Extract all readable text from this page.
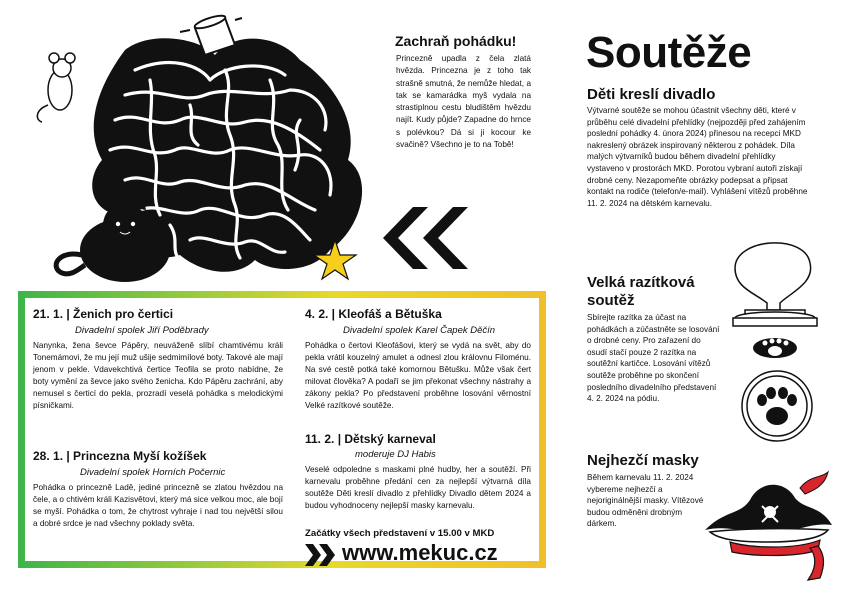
Zachraň pohádku!

Princezně upadla z čela zlatá hvězda. Princezna je z toho tak strašně smutná, že nemůže hledat, a tak se kamarádka myš vydala na strastiplnou cestu bludištěm hvězdu najít. Kudy půjde? Zapadne do hrnce s polévkou? Dá si ji kocour ke svačině? Všechno je to na Tobě!

Soutěže

Děti kreslí divadlo

Výtvarné soutěže se mohou účastnit všechny děti, které v průběhu celé divadelní přehlídky (nejpozději před zahájením poslední pohádky 4. února 2024) přinesou na recepci MKD nakreslený obrázek inspirovaný některou z pohádek. Díla malých výtvarníků budou během divadelní přehlídky vystaveno v prostorách MKD. Porotou vybraní autoři získají drobné ceny. Nezapomeňte obrázky podepsat a připsat kontakt na rodiče (telefon/e-mail). Vyhlášení vítězů proběhne 11. 2. 2024 na dětském karnevalu.

Velká razítková

soutěž

Sbírejte razítka za účast na pohádkách a zúčastněte se losování o drobné ceny. Pro zařazení do osudí stačí pouze 2 razítka na soutěžní kartičce. Losování vítězů soutěže proběhne po skončení posledního divadelního představení 4. 2. 2024 na pódiu.

Nejhezčí masky

Během karnevalu 11. 2. 2024 vybereme nejhezčí a nejoriginálnější masky. Vítězové budou odměněni drobným dárkem.

21. 1. | Ženich pro čertici

Divadelní spolek Jiří Poděbrady

Nanynka, žena ševce Pápěry, neuváženě slíbí chamtivému králi Tonemámovi, že mu její muž ušije sedmimílové boty. Takové ale mají jenom v pekle. Vdavekchtivá čertice Teofila se proto nabídne, že boty vymění za ševce jako svého ženicha. Kdo Pápěru zachrání, aby nemusel s čerticí do pekla, prozradí veselá pohádka s melodickými písničkami.

28. 1. | Princezna Myší kožíšek

Divadelní spolek Horních Počernic

Pohádka o princezně Ladě, jediné princezně se zlatou hvězdou na čele, a o chtivém králi Kazisvětovi, který má sice velkou moc, ale bojí se myší. Pohádka o tom, že chytrost vyhraje i nad tou největší silou a dobré srdce je nad všechny poklady světa.

4. 2. | Kleofáš a Bětuška

Divadelní spolek Karel Čapek Děčín

Pohádka o čertovi Kleofášovi, který se vydá na svět, aby do pekla vrátil kouzelný amulet a odnesl zlou královnu Filoménu. Na své cestě potká také komornou Bětušku. Může však čert milovat člověka? A podaří se jim překonat všechny nástrahy a zákony pekla? Po představení proběhne losování věrnostní Velké razítkové soutěže.

11. 2. | Dětský karneval

moderuje DJ Habis

Veselé odpoledne s maskami plné hudby, her a soutěží. Při karnevalu proběhne předání cen za nejlepší výtvarná díla soutěže Děti kreslí divadlo z přehlídky Divadlo dětem 2024 a budou vyhodnoceny nejlepší masky karnevalu.

Začátky všech představení v 15.00 v MKD

www.mekuc.cz
